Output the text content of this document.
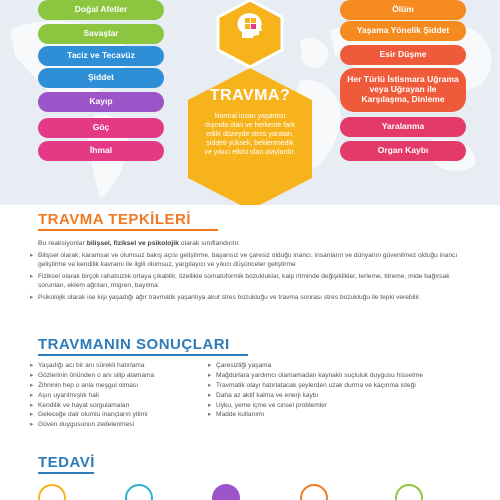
Doğal Afetler
Savaşlar
Taciz ve Tecavüz
Şiddet
Kayıp
Göç
İhmal
Ölüm
Yaşama Yönelik Şiddet
Esir Düşme
Her Türlü İstismara Uğrama veya Uğrayan ile Karşılaşma, Dinleme
Yaralanma
Organ Kaybı
TRAVMA?
Normal insan yaşantısı dışında olan ve herkeste fark edilir düzeyde stres yaratan, şiddeti yüksek, beklenmedik ve yıkıcı etkisi olan olaylardır.
TRAVMA TEPKİLERİ
Bu reaksiyonlar bilişsel, fiziksel ve psikolojik olarak sınıflandırılır.
▸ Bilişsel olarak; karamsar ve olumsuz bakış açısı geliştirme, başarısız ve çaresiz olduğu inancı, insanların ve dünyanın güvenilmez olduğu inancı geliştirme ve kendilik kavramı ile ilgili olumsuz, yargılayıcı ve yıkıcı düşünceler geliştirme
▸ Fiziksel olarak birçok rahatsızlık ortaya çıkabilir, özellikle somatoformik bozukluklar, kalp ritminde değişiklikler, terleme, titreme, mide bağırsak sorunları, eklem ağrıları, migren, bayılma
▸ Psikolojik olarak ise kişi yaşadığı ağır travmatik yaşantıya akut stres bozukluğu ve travma sonrası stres bozukluğu ile tepki verebilir.
TRAVMANIN SONUÇLARI
▸ Yaşadığı acı bir anı sürekli hatırlama
▸ Gözlerinin önünden o anı silip atamama
▸ Zihninin hep o anla meşgul olması
▸ Aşırı uyarılmışlık hali
▸ Kendilik ve hayat sorgulamaları
▸ Geleceğe dair olumlu inançların yitimi
▸ Güven duygusunun zedelenmesi
▸ Çaresizliği yaşama
▸ Mağdurlara yardımcı olamamadan kaynaklı suçluluk duygusu hissetme
▸ Travmatik olayı hatırlatacak şeylerden uzak durma ve kaçınma isteği
▸ Daha az aktif kalma ve enerji kaybı
▸ Uyku, yeme içme ve cinsel problemler
▸ Madde kullanımı
TEDAVİ
